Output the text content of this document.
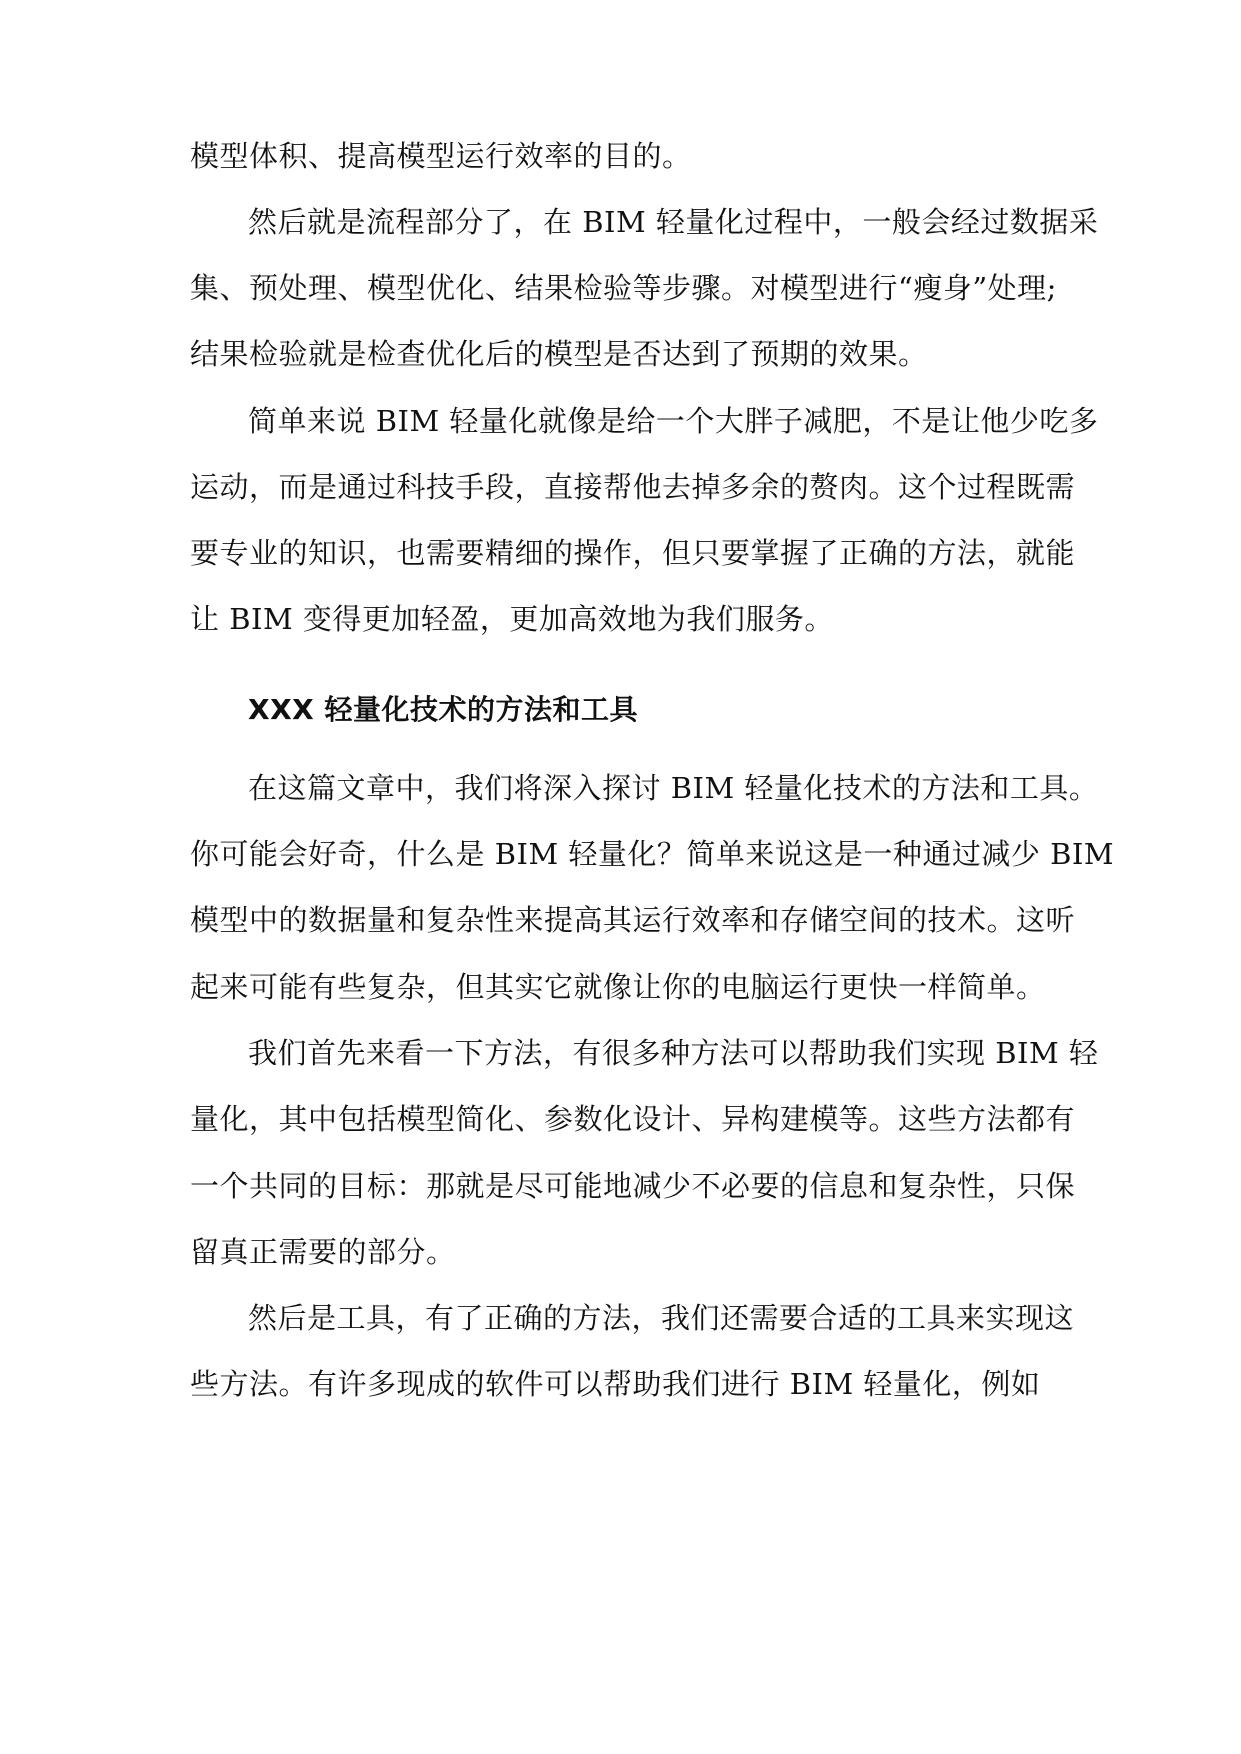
模型体积、提高模型运行效率的目的。
然后就是流程部分了，在 BIM 轻量化过程中，一般会经过数据采
集、预处理、模型优化、结果检验等步骤。对模型进行“瘦身”处理;
结果检验就是检查优化后的模型是否达到了预期的效果。
简单来说 BIM 轻量化就像是给一个大胖子减肥，不是让他少吃多
运动，而是通过科技手段，直接帮他去掉多余的赘肉。这个过程既需
要专业的知识，也需要精细的操作，但只要掌握了正确的方法，就能
让 BIM 变得更加轻盈，更加高效地为我们服务。
XXX 轻量化技术的方法和工具
在这篇文章中，我们将深入探讨 BIM 轻量化技术的方法和工具。
你可能会好奇，什么是 BIM 轻量化？简单来说这是一种通过减少 BIM
模型中的数据量和复杂性来提高其运行效率和存储空间的技术。这听
起来可能有些复杂，但其实它就像让你的电脑运行更快一样简单。
我们首先来看一下方法，有很多种方法可以帮助我们实现 BIM 轻
量化，其中包括模型简化、参数化设计、异构建模等。这些方法都有
一个共同的目标：那就是尽可能地减少不必要的信息和复杂性，只保
留真正需要的部分。
然后是工具，有了正确的方法，我们还需要合适的工具来实现这
些方法。有许多现成的软件可以帮助我们进行 BIM 轻量化，例如
